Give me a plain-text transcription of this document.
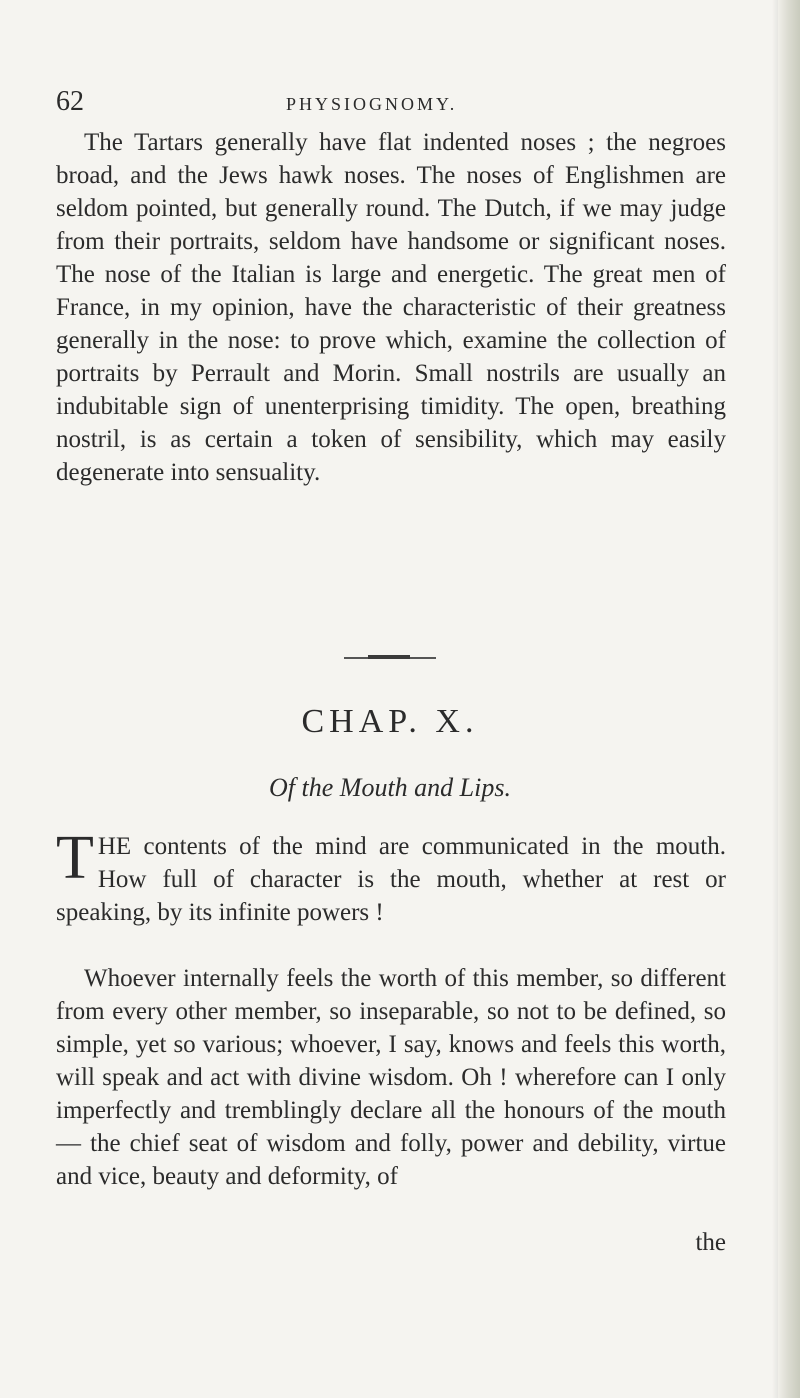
62	PHYSIOGNOMY.

The Tartars generally have flat indented noses ; the negroes broad, and the Jews hawk noses. The noses of Englishmen are seldom pointed, but generally round. The Dutch, if we may judge from their portraits, seldom have handsome or significant noses. The nose of the Italian is large and energetic. The great men of France, in my opinion, have the characteristic of their greatness generally in the nose: to prove which, examine the collection of portraits by Perrault and Morin. Small nostrils are usually an indubitable sign of unenterprising timidity. The open, breathing nostril, is as certain a token of sensibility, which may easily degenerate into sensuality.

CHAP. X.
Of the Mouth and Lips.

THE contents of the mind are communicated in the mouth. How full of character is the mouth, whether at rest or speaking, by its infinite powers !

Whoever internally feels the worth of this member, so different from every other member, so inseparable, so not to be defined, so simple, yet so various; whoever, I say, knows and feels this worth, will speak and act with divine wisdom. Oh ! wherefore can I only imperfectly and tremblingly declare all the honours of the mouth— the chief seat of wisdom and folly, power and debility, virtue and vice, beauty and deformity, of

the
